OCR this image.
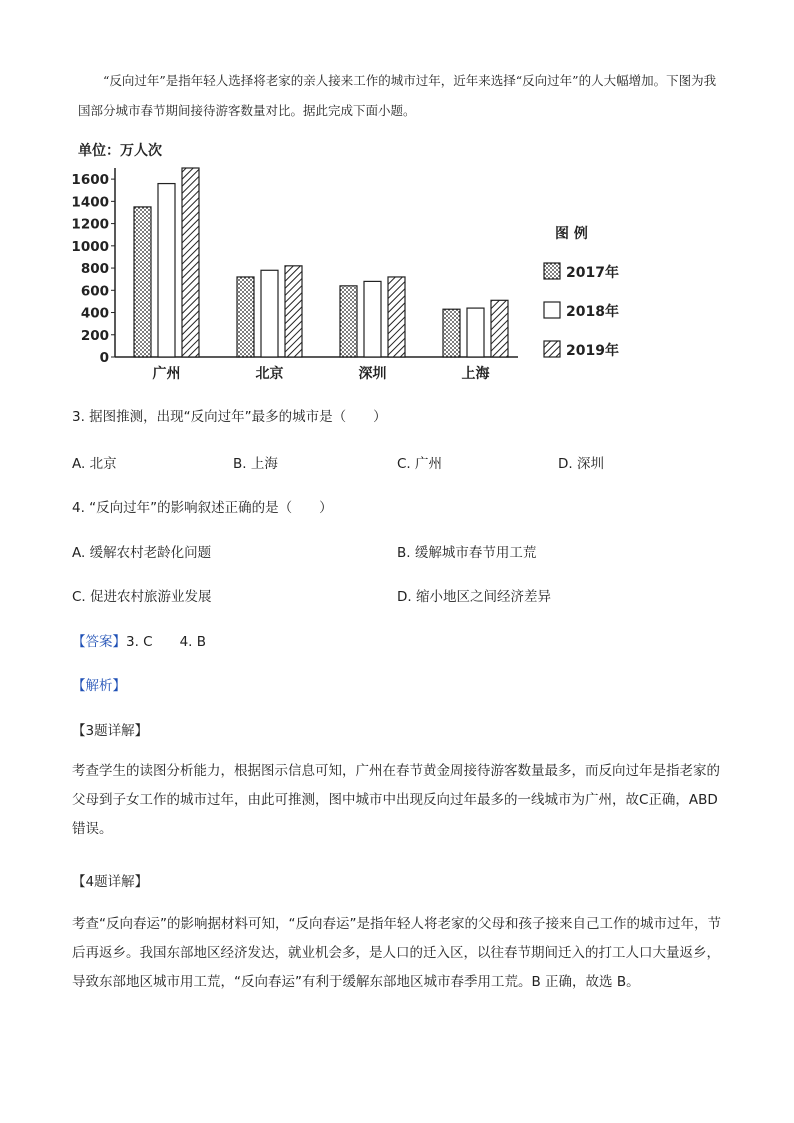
“反向过年”是指年轻人选择将老家的亲人接来工作的城市过年，近年来选择“反向过年”的人大幅增加。下图为我国部分城市春节期间接待游客数量对比。据此完成下面小题。
单位：万人次
0
200
400
600
800
1000
1200
1400
1600
广州	北京	深圳	上海
图 例
2017年
2018年
2019年
3. 据图推测，出现“反向过年”最多的城市是（　　）
A. 北京	B. 上海	C. 广州	D. 深圳
4. “反向过年”的影响叙述正确的是（　　）
A. 缓解农村老龄化问题	B. 缓解城市春节用工荒
C. 促进农村旅游业发展	D. 缩小地区之间经济差异
【答案】3. C　　4. B
【解析】
【3题详解】
考查学生的读图分析能力，根据图示信息可知，广州在春节黄金周接待游客数量最多，而反向过年是指老家的父母到子女工作的城市过年，由此可推测，图中城市中出现反向过年最多的一线城市为广州，故C正确，ABD 错误。
【4题详解】
考查“反向春运”的影响据材料可知，“反向春运”是指年轻人将老家的父母和孩子接来自己工作的城市过年，节后再返乡。我国东部地区经济发达，就业机会多，是人口的迁入区，以往春节期间迁入的打工人口大量返乡，导致东部地区城市用工荒，“反向春运”有利于缓解东部地区城市春季用工荒。B 正确，故选 B。
